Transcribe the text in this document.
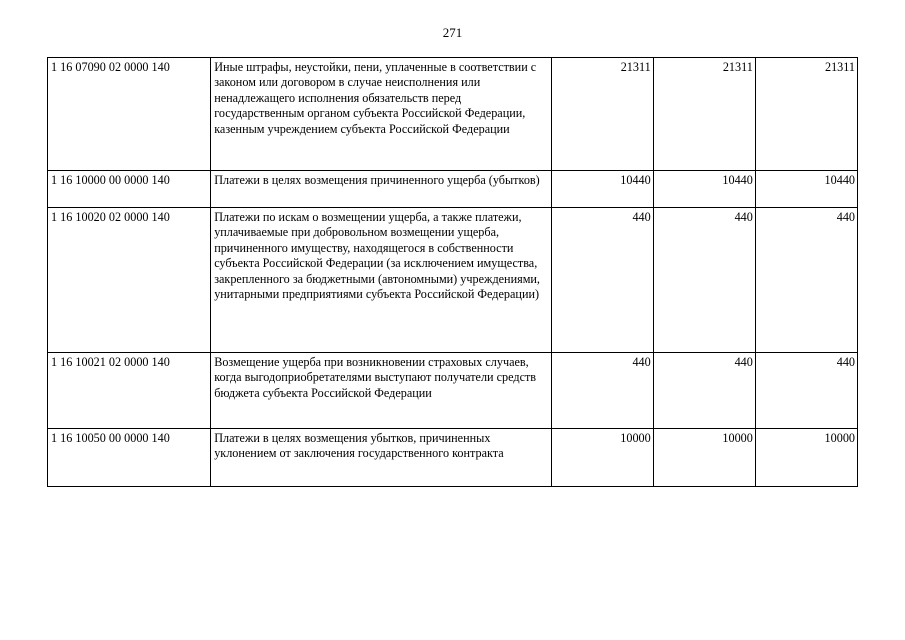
271
1 16 07090 02 0000 140	Иные штрафы, неустойки, пени, уплаченные в соответствии с законом или договором в случае неисполнения или ненадлежащего исполнения обязательств перед государственным органом субъекта Российской Федерации, казенным учреждением субъекта Российской Федерации	21311	21311	21311
1 16 10000 00 0000 140	Платежи в целях возмещения причиненного ущерба (убытков)	10440	10440	10440
1 16 10020 02 0000 140	Платежи по искам о возмещении ущерба, а также платежи, уплачиваемые при добровольном возмещении ущерба, причиненного имуществу, находящегося в собственности субъекта Российской Федерации (за исключением имущества, закрепленного за бюджетными (автономными) учреждениями, унитарными предприятиями субъекта Российской Федерации)	440	440	440
1 16 10021 02 0000 140	Возмещение ущерба при возникновении страховых случаев, когда выгодоприобретателями выступают получатели средств бюджета субъекта Российской Федерации	440	440	440
1 16 10050 00 0000 140	Платежи в целях возмещения убытков, причиненных уклонением от заключения государственного контракта	10000	10000	10000
